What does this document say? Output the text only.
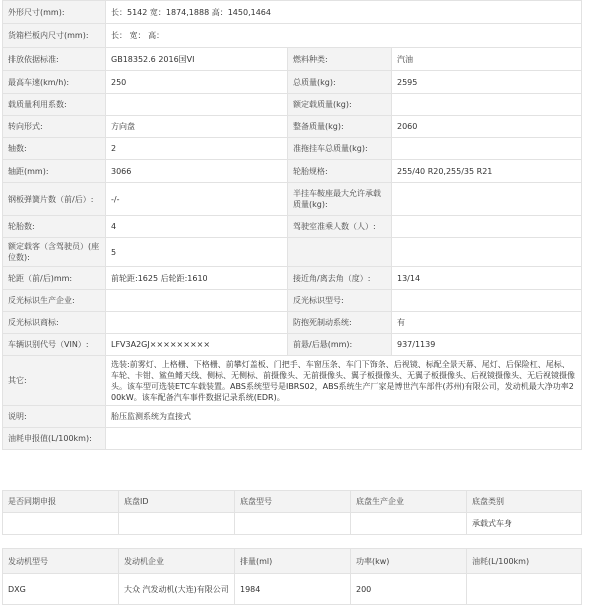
外形尺寸(mm):	长：5142 宽：1874,1888 高：1450,1464		
货箱栏板内尺寸(mm):	长： 宽： 高：		
排放依据标准:	GB18352.6 2016国VI	燃料种类:	汽油
最高车速(km/h):	250	总质量(kg):	2595
载质量利用系数:		额定载质量(kg):	
转向形式:	方向盘	整备质量(kg):	2060
轴数:	2	准拖挂车总质量(kg):	
轴距(mm):	3066	轮胎规格:	255/40 R20,255/35 R21
钢板弹簧片数（前/后）:	-/-	半挂车鞍座最大允许承载质量(kg):	
轮胎数:	4	驾驶室准乘人数（人）:	
额定载客（含驾驶员）(座位数):	5		
轮距（前/后)mm:	前轮距:1625 后轮距:1610	接近角/离去角（度）:	13/14
反光标识生产企业:		反光标识型号:	
反光标识商标:		防抱死制动系统:	有
车辆识别代号（VIN）:	LFV3A2GJ×××××××××	前悬/后悬(mm):	937/1139
其它:	选装:前雾灯、上格栅、下格栅、前攀灯盖板、门把手、车窗压条、车门下饰条、后视镜、标配全景天幕、尾灯、后保险杠、尾标、车轮、卡钳、鲨鱼鳍天线、侧标、无侧标、前摄像头、无前摄像头、翼子板摄像头、无翼子板摄像头、后视镜摄像头、无后视镜摄像头。该车型可选装ETC车载装置。ABS系统型号是IBRS02，ABS系统生产厂家是博世汽车部件(苏州)有限公司，发动机最大净功率200kW。该车配备汽车事件数据记录系统(EDR)。		
说明:	胎压监测系统为直接式		
油耗申报值(L/100km):			
是否同期申报	底盘ID	底盘型号	底盘生产企业	底盘类别
				承载式车身
发动机型号	发动机企业	排量(ml)	功率(kw)	油耗(L/100km)
DXG	大众 汽发动机(大连)有限公司	1984	200	
